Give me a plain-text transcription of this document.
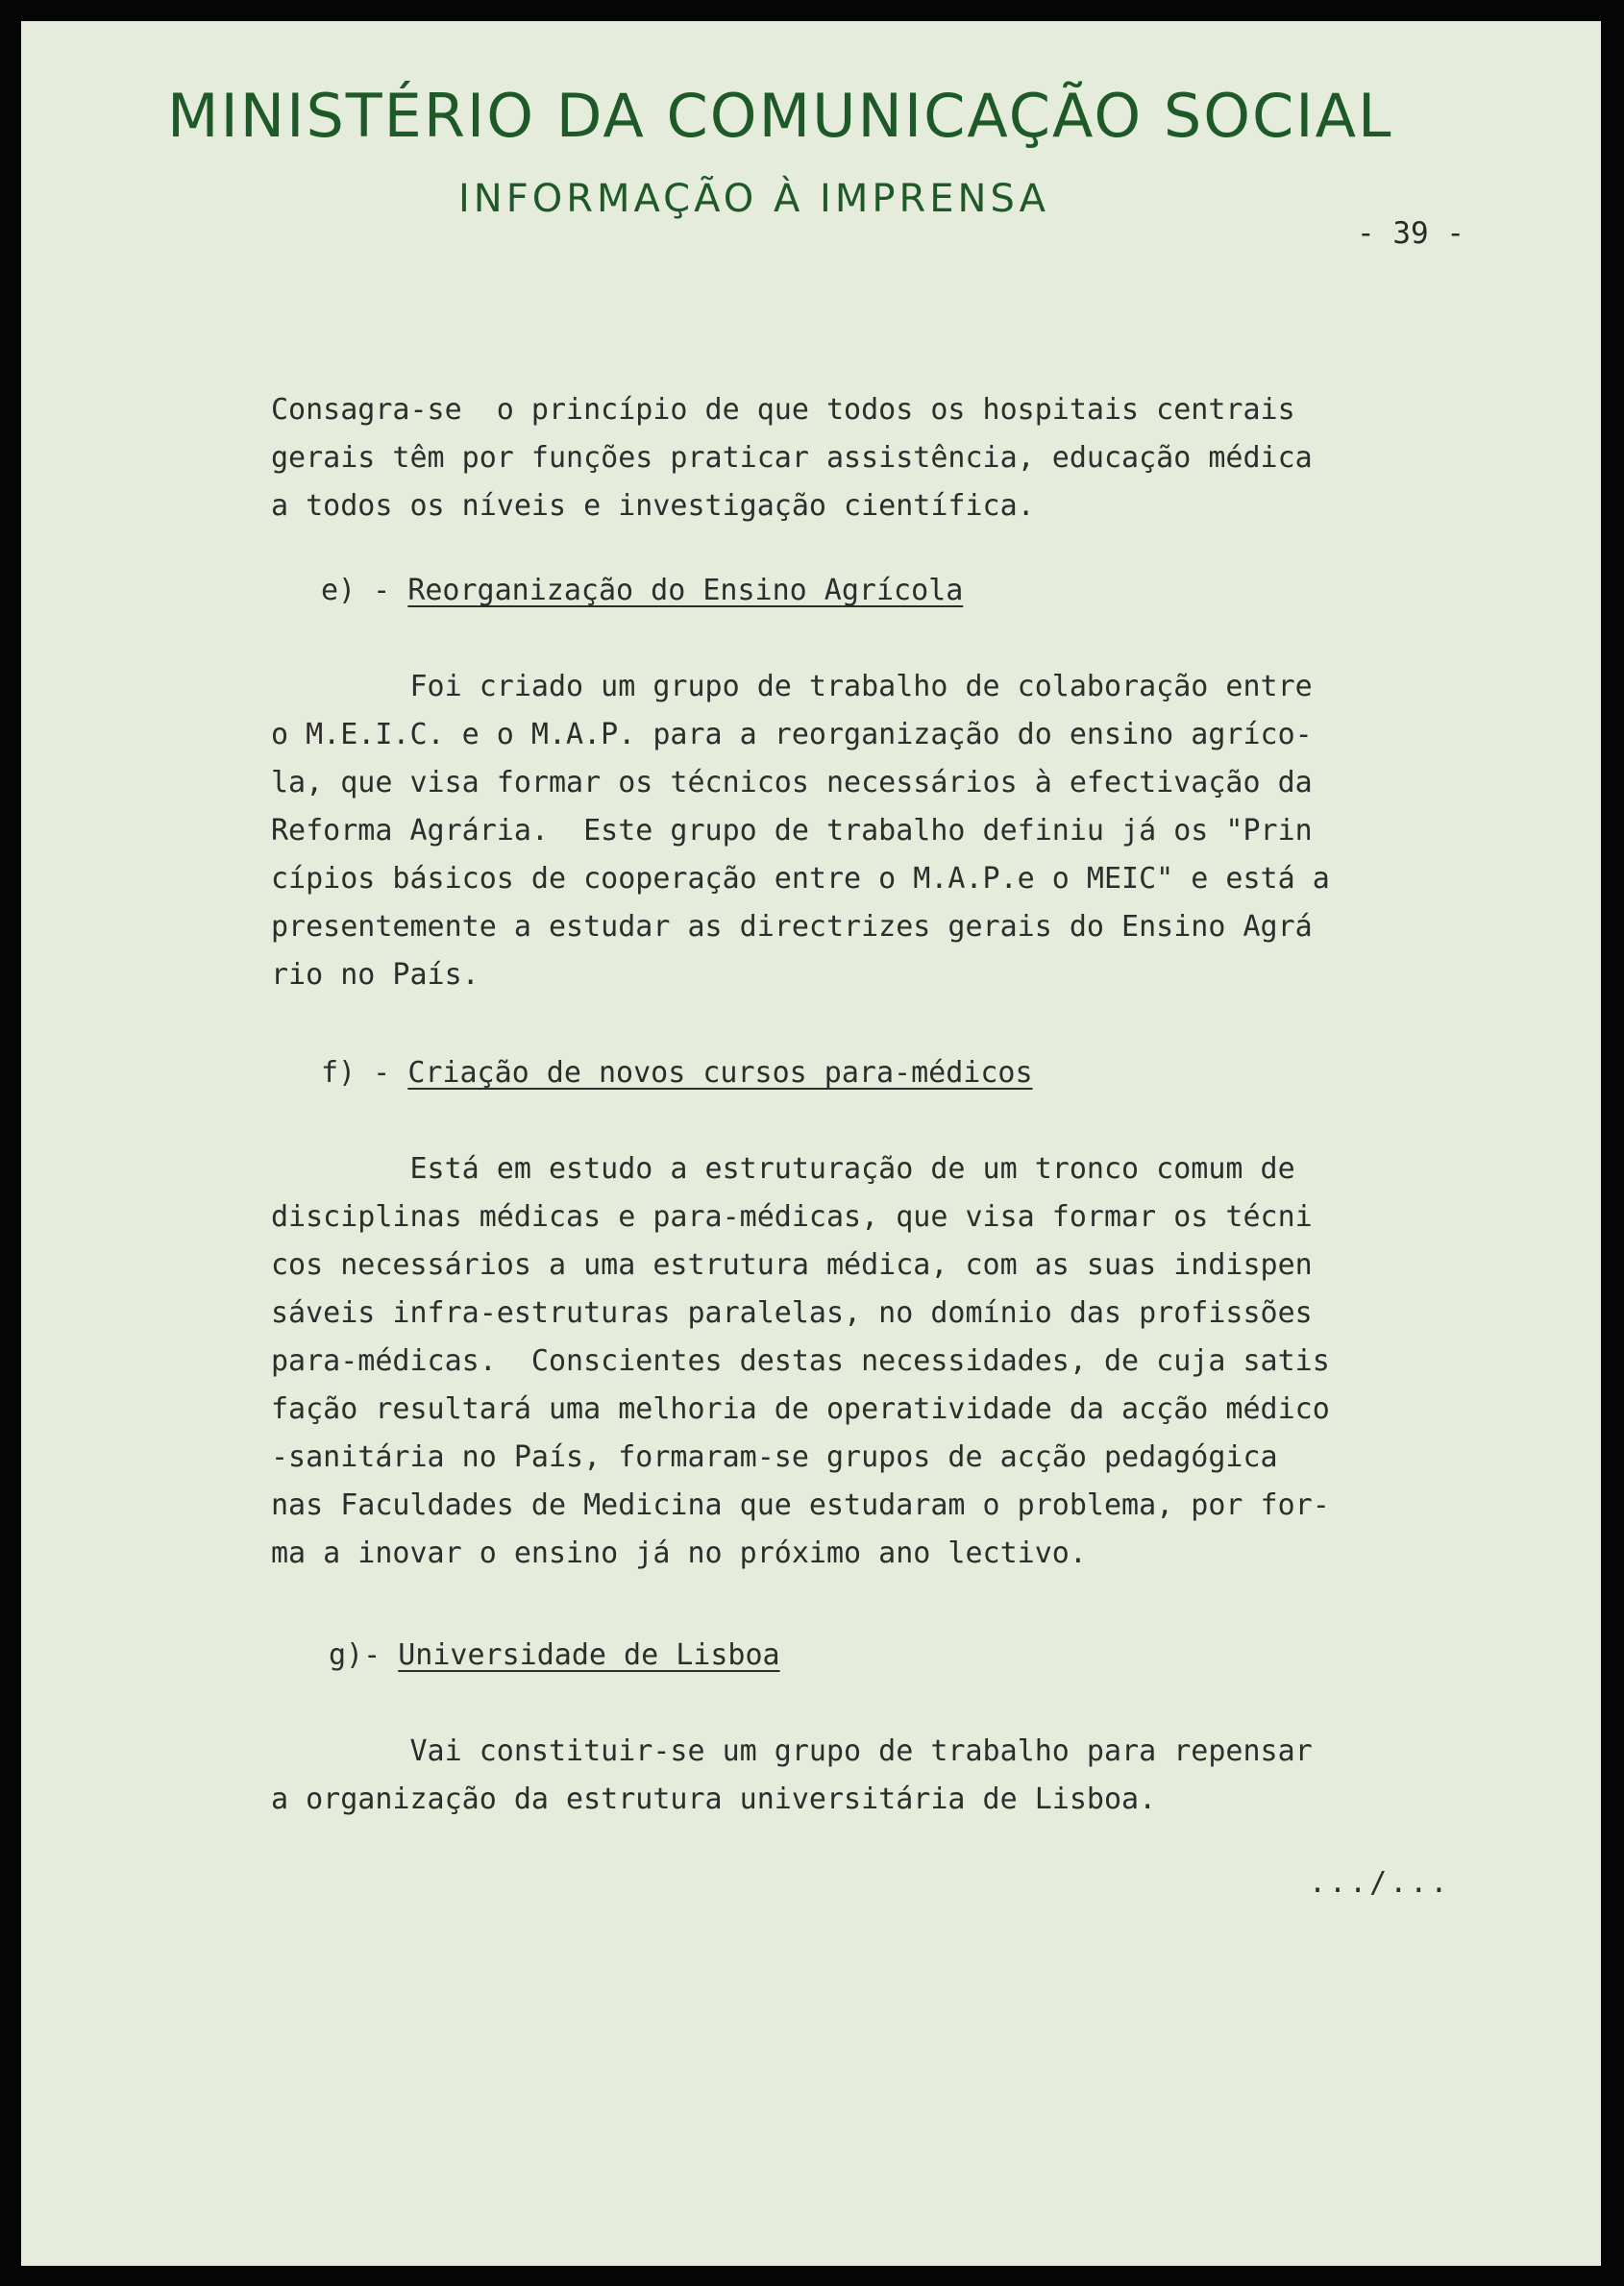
MINISTÉRIO DA COMUNICAÇÃO SOCIAL
INFORMAÇÃO À IMPRENSA
- 39 -
Consagra-se  o princípio de que todos os hospitais centrais
gerais têm por funções praticar assistência, educação médica
a todos os níveis e investigação científica.
e) - Reorganização do Ensino Agrícola
Foi criado um grupo de trabalho de colaboração entre
o M.E.I.C. e o M.A.P. para a reorganização do ensino agríco-
la, que visa formar os técnicos necessários à efectivação da
Reforma Agrária.  Este grupo de trabalho definiu já os "Prin
cípios básicos de cooperação entre o M.A.P.e o MEIC" e está a
presentemente a estudar as directrizes gerais do Ensino Agrá
rio no País.
f) - Criação de novos cursos para-médicos
Está em estudo a estruturação de um tronco comum de
disciplinas médicas e para-médicas, que visa formar os técni
cos necessários a uma estrutura médica, com as suas indispen
sáveis infra-estruturas paralelas, no domínio das profissões
para-médicas.  Conscientes destas necessidades, de cuja satis
fação resultará uma melhoria de operatividade da acção médico
-sanitária no País, formaram-se grupos de acção pedagógica
nas Faculdades de Medicina que estudaram o problema, por for-
ma a inovar o ensino já no próximo ano lectivo.
g)- Universidade de Lisboa
Vai constituir-se um grupo de trabalho para repensar
a organização da estrutura universitária de Lisboa.
.../...
